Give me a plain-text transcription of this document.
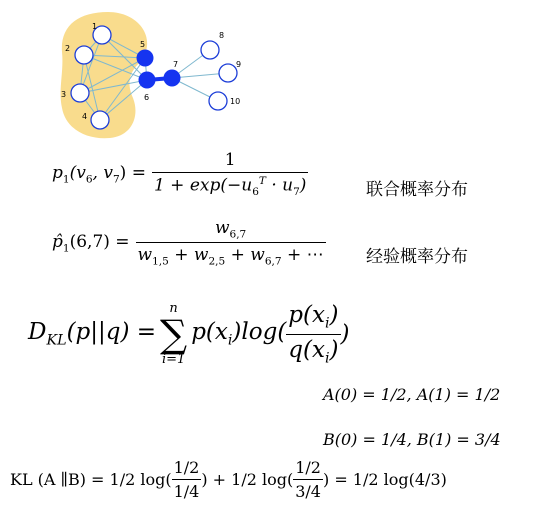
1
2
3
4
5
6
7
8
9
10
$p_1(v_6$, $v_7) = \frac{1}{1 + \exp(-u_6^T \cdot u_7)}$	联合概率分布
$p̂_1(6,7) = \frac{w_{6,7}}{w_{1,5} + w_{2,5} + w_{6,7} + \cdots}$ 经验概率分布
$D_{KL}(p||q)$ =
n
∑
i=1
$p(x_i)\log( \frac{p(x_i)}{q(x_i)}$ )
A(0) = 1/2, A(1) = 1/2
B(0) = 1/4, B(1) = 3/4
KL (A ∥B) = 1/2 $\log( \frac{1/2}{1/4}$ ) + 1/2 $\log( \frac{1/2}{3/4}$ ) = 1/2 log(4/3)
